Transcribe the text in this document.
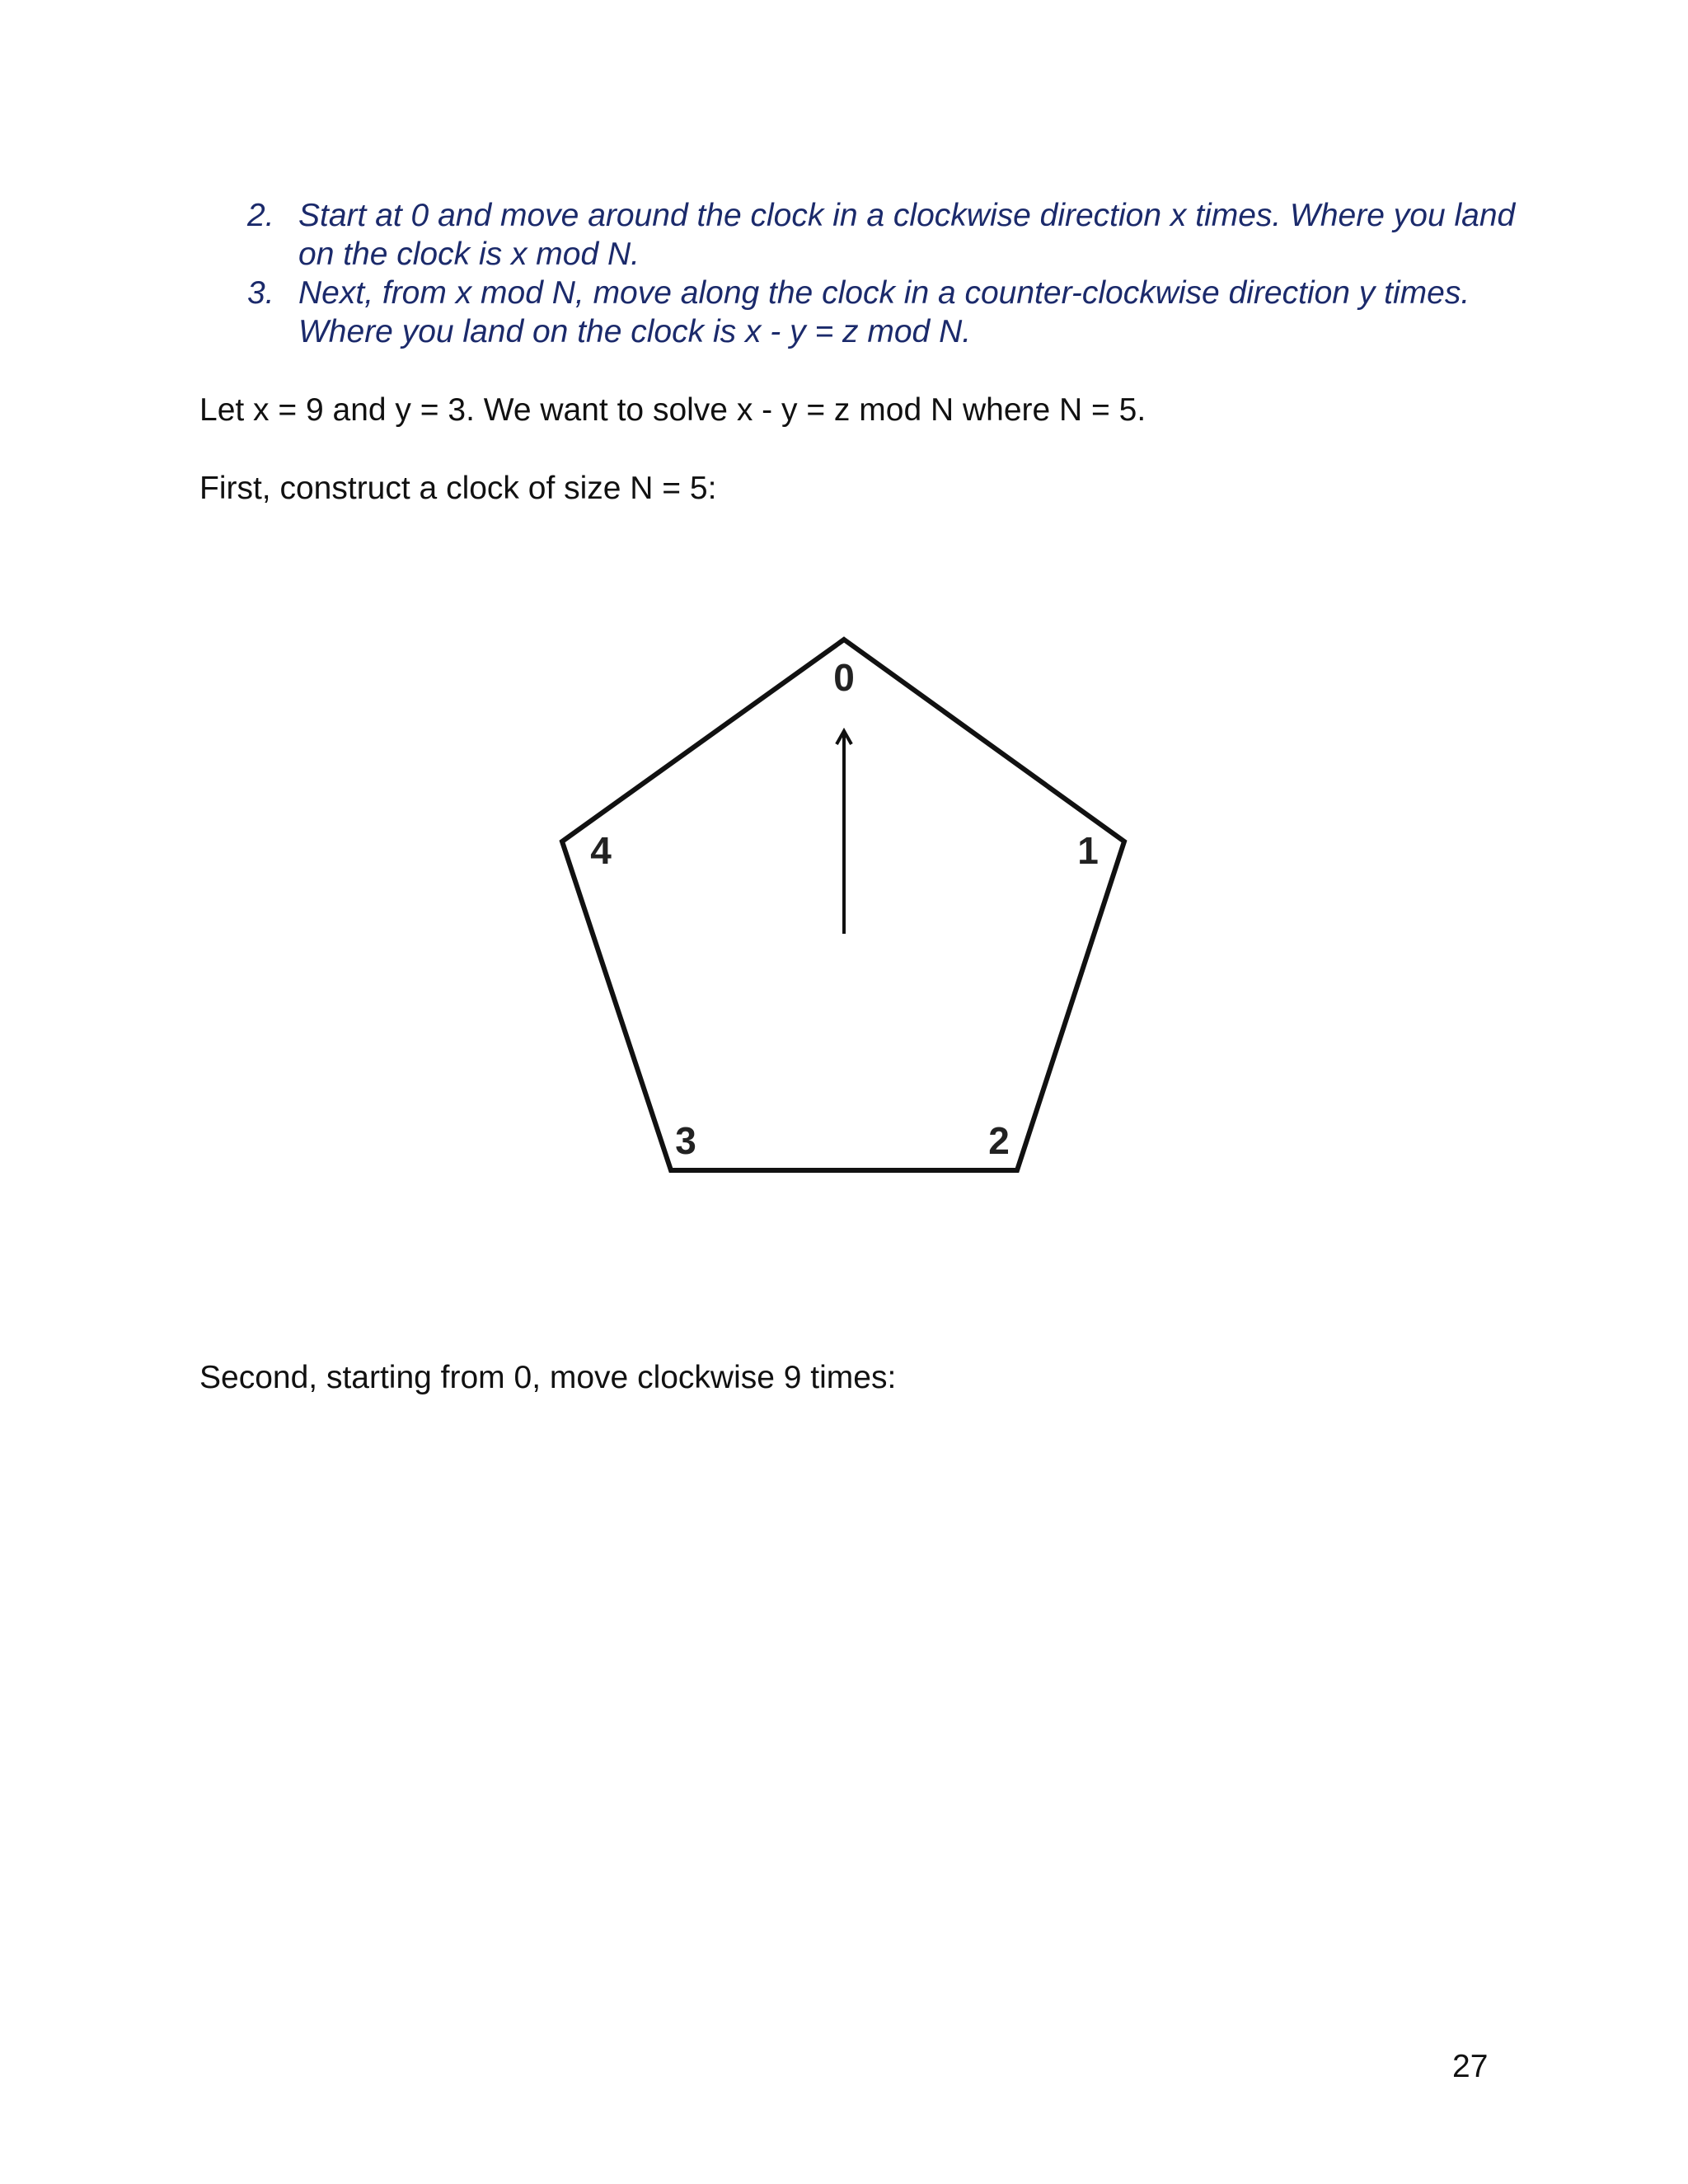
2. Start at 0 and move around the clock in a clockwise direction x times. Where you land on the clock is x mod N.
3. Next, from x mod N, move along the clock in a counter-clockwise direction y times. Where you land on the clock is x - y = z mod N.
Let x = 9 and y = 3. We want to solve x - y = z mod N where N = 5.
First, construct a clock of size N = 5:
0
1
2
3
4
Second, starting from 0, move clockwise 9 times:
27
